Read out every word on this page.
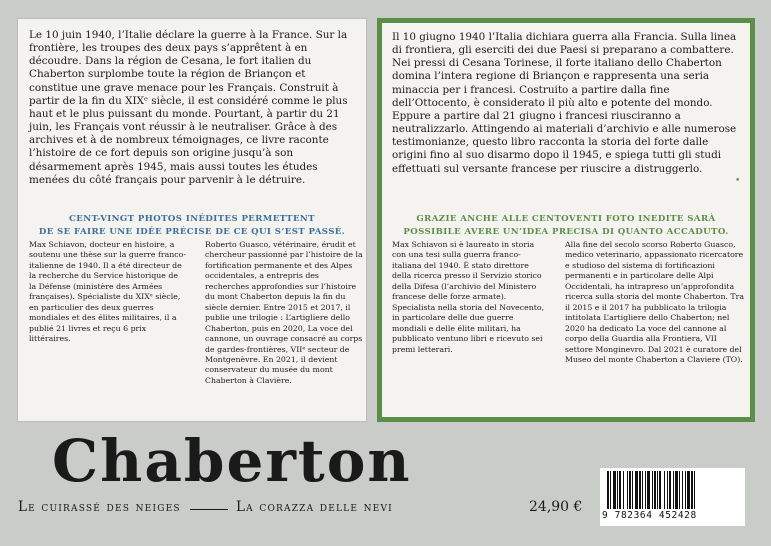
Le 10 juin 1940, l’Italie déclare la guerre à la France. Sur la frontière, les troupes des deux pays s’apprêtent à en découdre. Dans la région de Cesana, le fort italien du Chaberton surplombe toute la région de Briançon et constitue une grave menace pour les Français. Construit à partir de la fin du XIXᵉ siècle, il est considéré comme le plus haut et le plus puissant du monde. Pourtant, à partir du 21 juin, les Français vont réussir à le neutraliser. Grâce à des archives et à de nombreux témoignages, ce livre raconte l’histoire de ce fort depuis son origine jusqu’à son désarmement après 1945, mais aussi toutes les études menées du côté français pour parvenir à le détruire.

CENT-VINGT PHOTOS INÉDITES PERMETTENT
DE SE FAIRE UNE IDÉE PRÉCISE DE CE QUI S’EST PASSÉ.

Max Schiavon, docteur en histoire, a soutenu une thèse sur la guerre franco-italienne de 1940. Il a été directeur de la recherche du Service historique de la Défense (ministère des Armées françaises). Spécialiste du XIXᵉ siècle, en particulier des deux guerres mondiales et des élites militaires, il a publié 21 livres et reçu 6 prix littéraires.

Roberto Guasco, vétérinaire, érudit et chercheur passionné par l’histoire de la fortification permanente et des Alpes occidentales, a entrepris des recherches approfondies sur l’histoire du mont Chaberton depuis la fin du siècle dernier. Entre 2015 et 2017, il publie une trilogie : L’artigliere dello Chaberton, puis en 2020, La voce del cannone, un ouvrage consacré au corps de gardes-frontières, VIIᵉ secteur de Montgenèvre. En 2021, il devient conservateur du musée du mont Chaberton à Clavière.

Il 10 giugno 1940 l’Italia dichiara guerra alla Francia. Sulla linea di frontiera, gli eserciti dei due Paesi si preparano a combattere. Nei pressi di Cesana Torinese, il forte italiano dello Chaberton domina l’intera regione di Briançon e rappresenta una seria minaccia per i francesi. Costruito a partire dalla fine dell’Ottocento, è considerato il più alto e potente del mondo. Eppure a partire dal 21 giugno i francesi riusciranno a neutralizzarlo. Attingendo ai materiali d’archivio e alle numerose testimonianze, questo libro racconta la storia del forte dalle origini fino al suo disarmo dopo il 1945, e spiega tutti gli studi effettuati sul versante francese per riuscire a distruggerlo.

GRAZIE ANCHE ALLE CENTOVENTI FOTO INEDITE SARÀ
POSSIBILE AVERE UN’IDEA PRECISA DI QUANTO ACCADUTO.

Max Schiavon si è laureato in storia con una tesi sulla guerra franco-italiana del 1940. È stato direttore della ricerca presso il Servizio storico della Difesa (l’archivio del Ministero francese delle forze armate). Specialista nella storia del Novecento, in particolare delle due guerre mondiali e delle élite militari, ha pubblicato ventuno libri e ricevuto sei premi letterari.

Alla fine del secolo scorso Roberto Guasco, medico veterinario, appassionato ricercatore e studioso del sistema di fortificazioni permanenti e in particolare delle Alpi Occidentali, ha intrapreso un’approfondita ricerca sulla storia del monte Chaberton. Tra il 2015 e il 2017 ha pubblicato la trilogia intitolata L’artigliere dello Chaberton; nel 2020 ha dedicato La voce del cannone al corpo della Guardia alla Frontiera, VII settore Monginevro. Dal 2021 è curatore del Museo del monte Chaberton a Claviere (TO).

•
Chaberton
Le cuirassé des neiges	La corazza delle nevi	24,90 €
9 782364 452428
